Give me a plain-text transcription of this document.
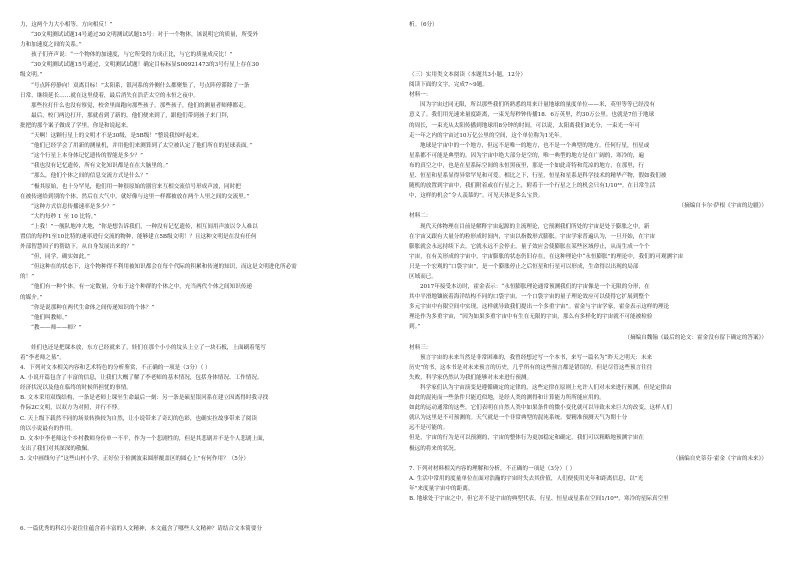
力，这两个力大小相等，方向相反！”

“30文明测试试题14号通过30文明测试试题15号：对于一个物体，该说明它的质量，所受外

力和加速度之间的关系。”

孩子们齐声说：“一个物体的加速度，与它所受的力成正比，与它的质量成反比！”

“30文明测试试题15号通过，文明测试试题！确定目标标显S00921473的3号行星上存在30

级文明。”

“号点阵停静向！双离目标！”太阳系，银河系的外侧什么都聚集了，号点阵停滞除了一条

日常，继续延长……就在这里使着，最后消失在浩茫太空的永恒之夜中。

那些拉打什么也没有察觉，校舍里面跑向那些孩子，那些孩子，他们的测量者师傅都走。

最后，校门两边打开，那就看到了新的，他们便来到了，跟他们带到孩子来门拜，

批把的那个案子做成了学里，你是和说起来。

“天啊！这颗行星上的文明才不是30级，是5B级！”整说我惊呼起来。

“他们已经学会了用新的测量机，并用他们来测算到了太空被认定了他们所在的星球表面。”

“这个行星上本身体记忆遗传的智能是多少？”

“我也没有记忆遗传，所有文化知识都是在在大脑里的。”

“那么，他们个体之间的信息交流方式是什么？”

“极其原始，也十分罕见，他们用一种很原始的器官来互相交流信号形成声波，同时把

在被传递给到别的个体。然后在大气中，就好像与这里一样都被放在两个人里之间的交流里。”

“这种方式信息传播速率是多少？”

“大约每秒 1 至 10 比特。”

“上我！”一舰队地冲大地，“你是想告诉我们，一种没有记忆遗传，相互间用声波以令人难以

置信的每秒1至10比特的速率进行交流的物种，能够建立5B级文明！？且这种文明是在没有任何

外部智慧因子的帮助下，从自身发展出来的？”

“但，同学，确实如此。”

“但这种在的状态下，这个物种得不利用被知识都会在每个代际的积累和传递的知识，而这是文明进化所必需

的！”

“他们有一种个体，有一定数量，分布于这个种群的个体之中，充当两代个体之间知识传递

的媒介。”

“你是说那种在两代生命体之间传递知识的个体？”

“他们叫教师。”

“教——师——师？”

娃们也还是把课本放，东方已经就来了，娃们在那个小小的坟头上立了一块石板，上面刷着笔写

着“李老师之墓”。

4．下列对文本相关内容和艺术特色的分析鉴赏，不正确的一项是（3分）（ ）

A. 小说开篇包含了丰富的信息，让我们大概了解了李老师的基本情况，包括身体情况、工作情况、

经济状况以及他在临终的时候所担忧的事情。

B. 文本采用双线结构，一条是老师上课至生命最后一刻：另一条是硕星银河系在建立因离得时我寻找

作际2C文明，以双方为对照，并行不悖。

C. 天上级下载然不同的场景转换较为自然，让小说带来了奇幻的色彩，也确实拉故事带来了阅读

的以小说最有的作用。

D. 文本中李老师这个乡村教师身份单一不平，作为一个悲剧性的，但是其悲剧并不是个人悲剧上面，

支出了我们对其深深的敬佩。

5. 文中画线句子“这些山村小学，正好位于检测波束圆形覆盖区的圆心上”有何作用？（5分）

6. 一篇优秀的科幻小说往往蕴含着丰富的人文精神，本文蕴含了哪些人文精神？请结合文本简要分

析。（6分）

（三）实用类文本阅读（本题共3小题，12分）

阅读下面的文字，完成7~9题。

材料一：

因为宇宙过同无限，所以那些我们所熟悉的用来计量地球的量度单位——米，英里等等已经没有

意义了。我们用光速来量度距离，一束光每秒钟传播18．6万英里，约30万公里。也就是7倍于地球

的周长，一束光从太阳传播到地球用8分钟的时间，可以说，太阳离我们8光分，一束光一年可

走一年之内的宇宙过10万亿公里的空间，这个单位称为1光年。

地球是宇宙中的一个地方，但远不是唯一的地方，也不是一个典型的地方。任何行星，恒星或

星系都不可能是典型的，因为宇宙中绝大部分是空的，唯一典型的地方是在广阔的，寒冷的，遍

布的真空之中，也是在星系际空间的永恒黑夜里，那是一个如此奇特和荒凉的地方，在那里，行

星、恒星和星系显得异常罕见和可爱。相比之下，行星，恒星和星系是科学技术的精华产物，假如我们被

随机的放置到宇宙中，我们附着或在行星之上，附着于一个行星之上的机会只有1/10³³。在日常生活

中，这样的机会“令人羡慕的”。可见天体是多么宝贵。

（摘编自卡尔·萨根《宇宙的边疆》）

材料二：

现代天体物理在目前是解释宇宙起源的主流理论，它预测我们所处的宇宙是处于膨胀之中，新

在宇宙又跟有大量分的粒形成时间内，宇宙以指数形式膨胀。宇宙学家普遍认为，一旦开始，在宇宙

膨胀就会永远持续下去，它就永远不会停止。量子效应会使膨胀在某些区域停止，从而生成一个个

宇宙，在有关形成的宇宙中，宇宙膨胀的状态仍旧存在，在这种理论中“永恒膨胀”的理论中，我们的可观测宇宙

只是一个宏观的“口袋宇宙”，是一个膨胀停止之后恒星和行星可以形成，生命得以出现的局部

区域而已。

2017年接受本访时，霍金表示：“永恒膨胀理论通常预测我们的宇宙像是一个无限的分形，在

其中平滑地镶嵌着海洋结构不同的口袋宇宙。一个口袋宇宙的量子理论效应可以使得它扩展到整个

多元宇宙中有限空间中实现，这样就导致我们提出一个多重宇宙”。霍金与宇宙学家，霍金表示这样的理论

理论作为多重宇宙，“因为如果多重宇宙中有生在无限的宇宙，那么有多样化的宇宙就不可能被检验

到。”

（摘编自魏翰《最后的论文：霍金没有留下确定的答案》）

材料三：

预言宇宙的未来当然是非常困难的，我曾经想过写一个本书，来写一篇名为“昨天之明天：未来

历史”的书，这本书是对未来预言的历史，几乎所有的这些预言都是错误的。但是尽管这些预言往往

失败，科学家仍然认为我们能够对未来进行预测。

科学家们认为宇宙演变是遵循确定的定律的，这些定律在原则上允许人们对未来进行预测。但是定律由

如此的混沌而一些条件只能近似地，是经人类的测得和计算能力所所能应用的。

如此的运动通常的这些。它们表明在自然人类中如果条件的微小变化就可以导致未来巨大的改变，这样人们

就认为这里是不可预测的。天气就是一个非常典型的混沌系统。要精准预测天气为期十分

远不是可能的。

但是，宇宙的行为是可以预测的，宇宙的整体行为更加稳定和确定。我们可以粗略地预测宇宙在

极远的将来的状况。

（摘编自史蒂芬·霍金《宇宙的未来》）

7. 下列对材料相关内容的理解和分析，不正确的一项是（3分）（ ）

A. 生活中常用的度量单位在面对浩瀚的宇宙时失去其价值，人们便使用光年和距离信息，以”光

年”来度量宇宙中的距离。

B. 地球处于宇宙之中，但它并不是宇宙的典型代表，行星、恒星或星系在空间1/10³³，寒冷的星际真空里
